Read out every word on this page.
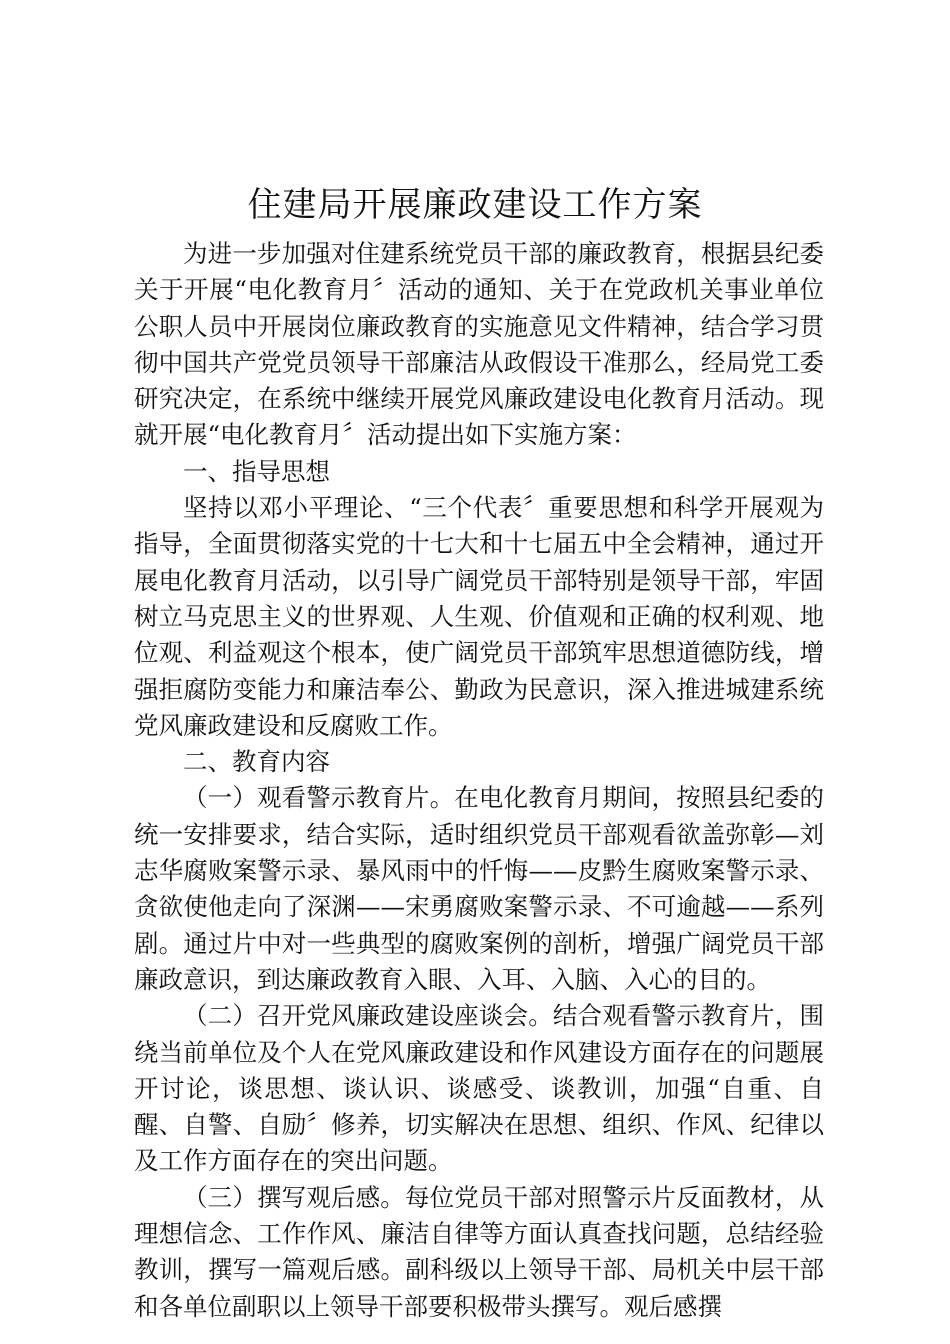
住建局开展廉政建设工作方案

为进一步加强对住建系统党员干部的廉政教育，根据县纪委关于开展“电化教育月〞活动的通知、关于在党政机关事业单位公职人员中开展岗位廉政教育的实施意见文件精神，结合学习贯彻中国共产党党员领导干部廉洁从政假设干准那么，经局党工委研究决定，在系统中继续开展党风廉政建设电化教育月活动。现就开展“电化教育月〞活动提出如下实施方案：

一、指导思想

坚持以邓小平理论、“三个代表〞重要思想和科学开展观为指导，全面贯彻落实党的十七大和十七届五中全会精神，通过开展电化教育月活动，以引导广阔党员干部特别是领导干部，牢固树立马克思主义的世界观、人生观、价值观和正确的权利观、地位观、利益观这个根本，使广阔党员干部筑牢思想道德防线，增强拒腐防变能力和廉洁奉公、勤政为民意识，深入推进城建系统党风廉政建设和反腐败工作。

二、教育内容

（一）观看警示教育片。在电化教育月期间，按照县纪委的统一安排要求，结合实际，适时组织党员干部观看欲盖弥彰—刘志华腐败案警示录、暴风雨中的忏悔——皮黔生腐败案警示录、贪欲使他走向了深渊——宋勇腐败案警示录、不可逾越——系列剧。通过片中对一些典型的腐败案例的剖析，增强广阔党员干部廉政意识，到达廉政教育入眼、入耳、入脑、入心的目的。

（二）召开党风廉政建设座谈会。结合观看警示教育片，围绕当前单位及个人在党风廉政建设和作风建设方面存在的问题展开讨论，谈思想、谈认识、谈感受、谈教训，加强“自重、自醒、自警、自励〞修养，切实解决在思想、组织、作风、纪律以及工作方面存在的突出问题。

（三）撰写观后感。每位党员干部对照警示片反面教材，从理想信念、工作作风、廉洁自律等方面认真查找问题，总结经验教训，撰写一篇观后感。副科级以上领导干部、局机关中层干部和各单位副职以上领导干部要积极带头撰写。观后感撰
